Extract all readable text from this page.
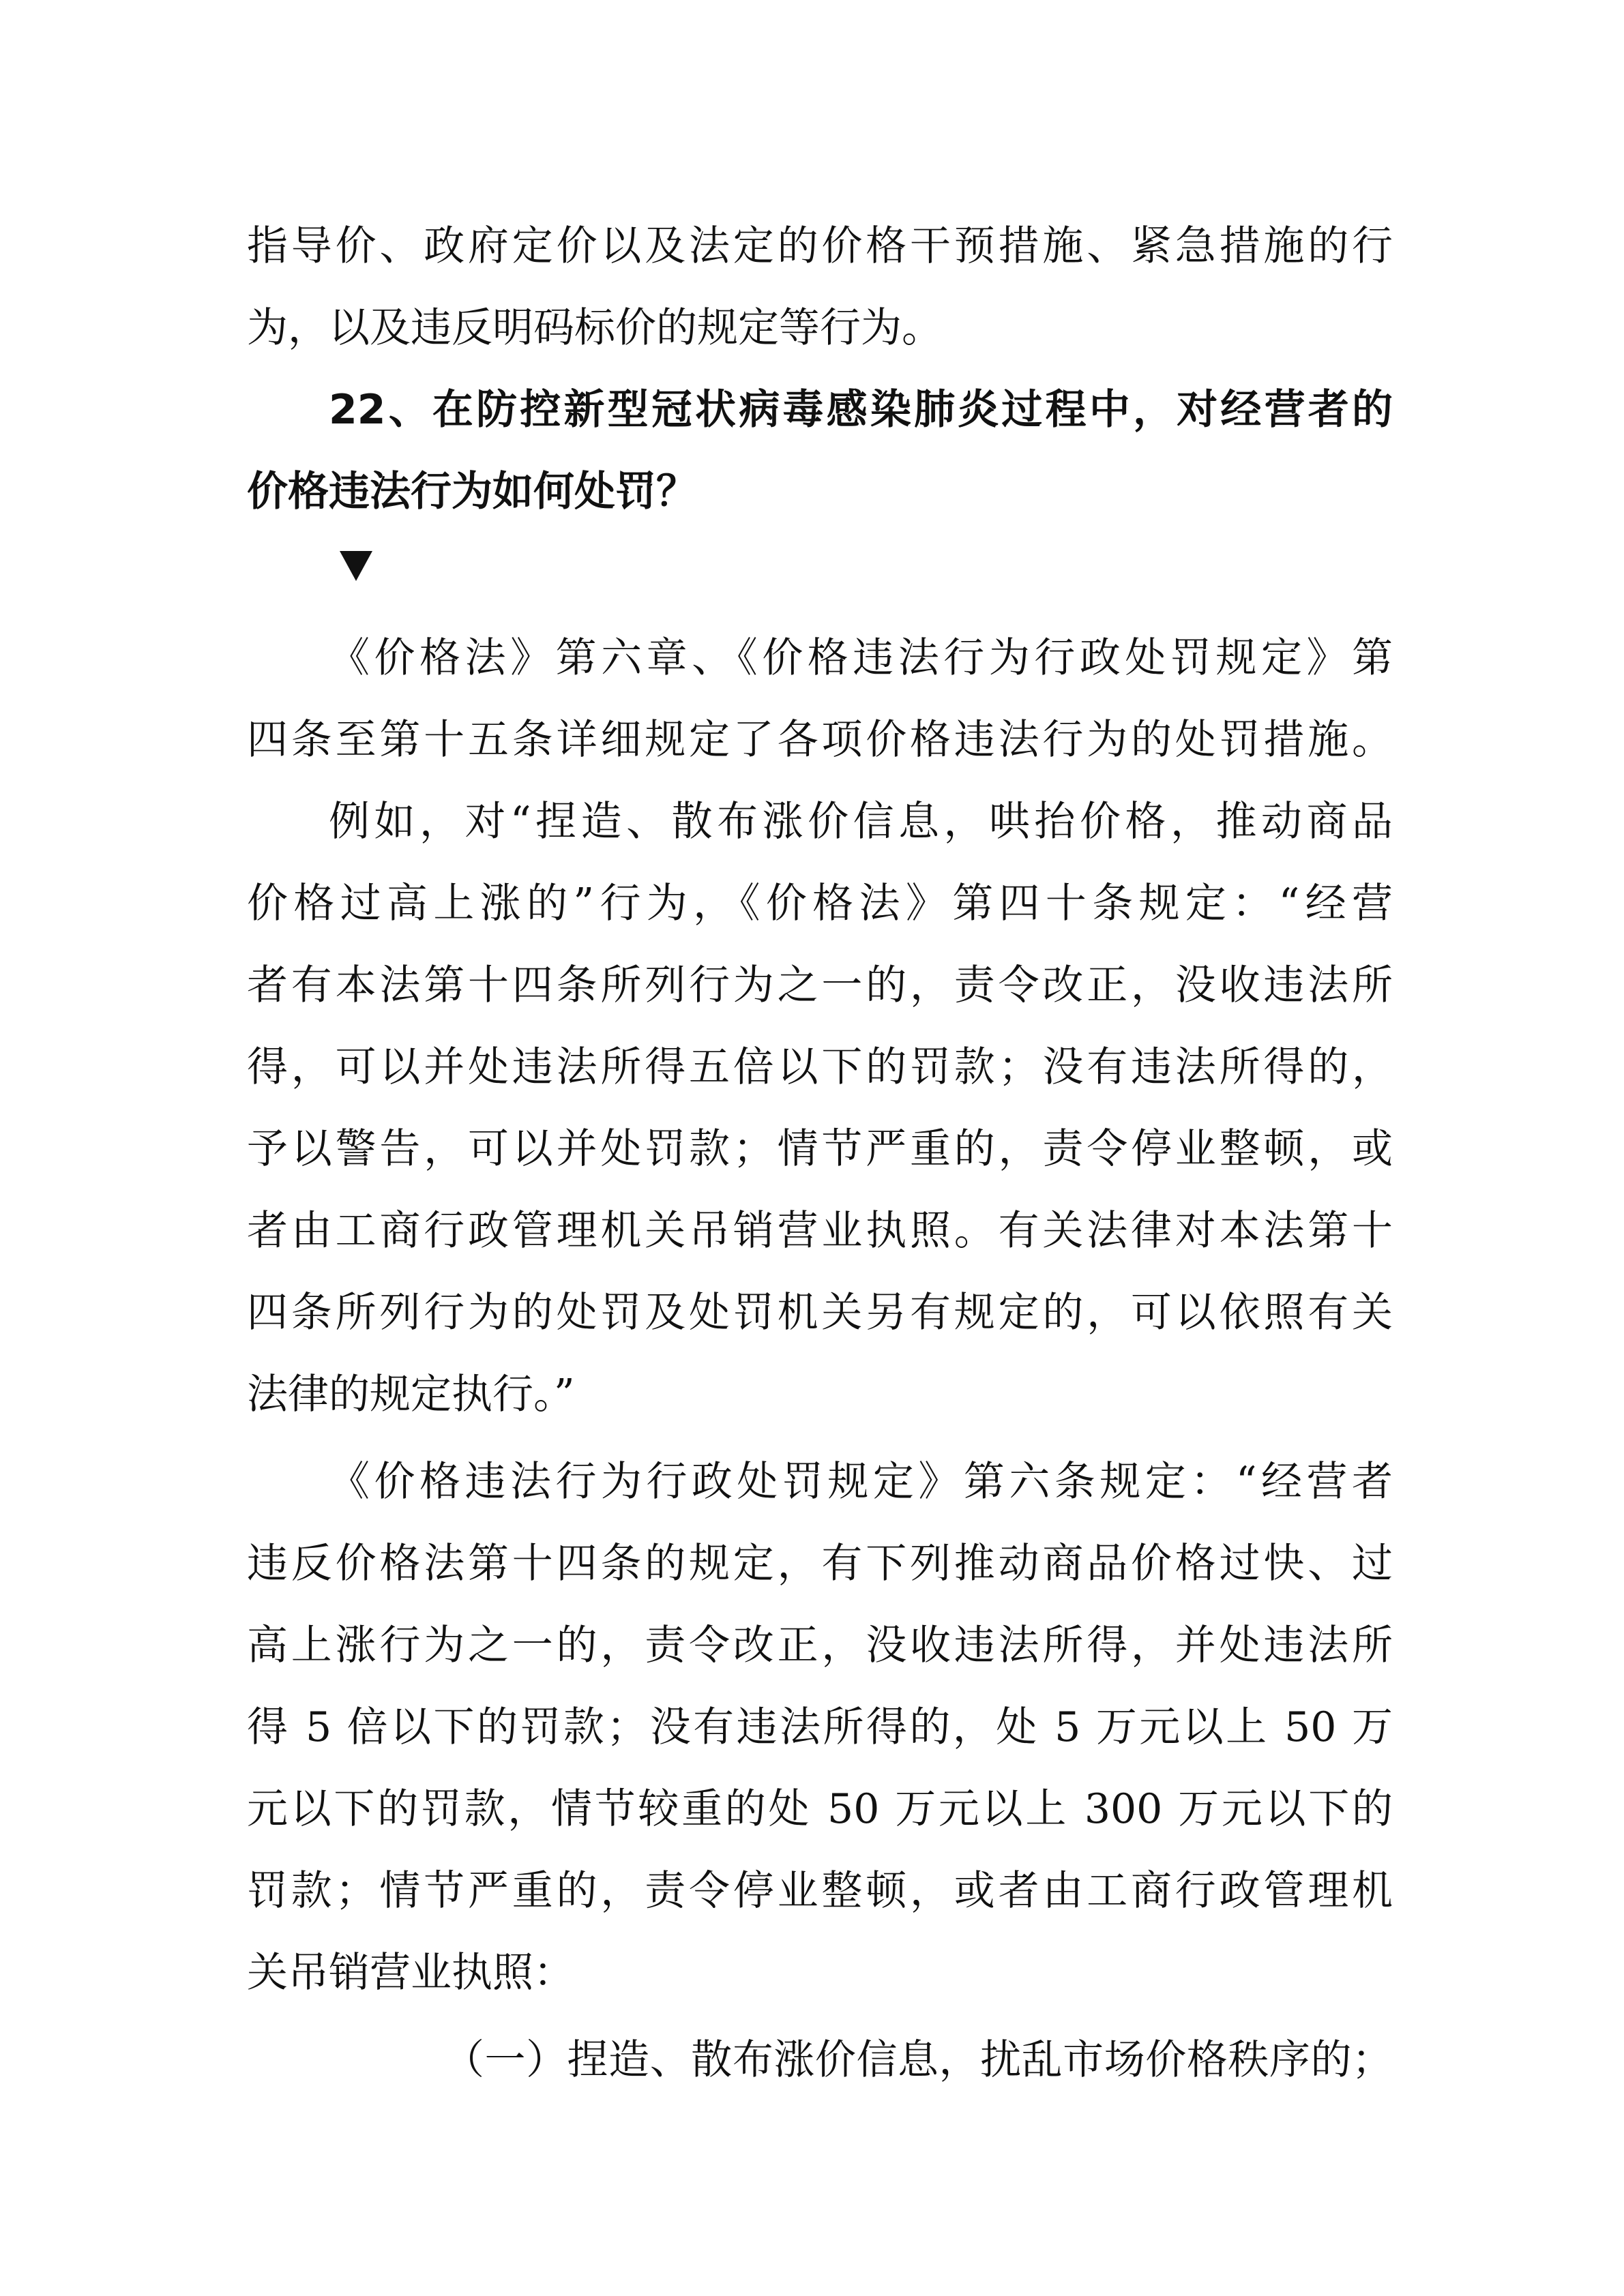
指导价、政府定价以及法定的价格干预措施、紧急措施的行
为，以及违反明码标价的规定等行为。
22、在防控新型冠状病毒感染肺炎过程中，对经营者的
价格违法行为如何处罚？
《价格法》第六章、《价格违法行为行政处罚规定》第
四条至第十五条详细规定了各项价格违法行为的处罚措施。
例如，对“捏造、散布涨价信息，哄抬价格，推动商品
价格过高上涨的”行为，《价格法》第四十条规定：“经营
者有本法第十四条所列行为之一的，责令改正，没收违法所
得，可以并处违法所得五倍以下的罚款；没有违法所得的，
予以警告，可以并处罚款；情节严重的，责令停业整顿，或
者由工商行政管理机关吊销营业执照。有关法律对本法第十
四条所列行为的处罚及处罚机关另有规定的，可以依照有关
法律的规定执行。”
《价格违法行为行政处罚规定》第六条规定：“经营者
违反价格法第十四条的规定，有下列推动商品价格过快、过
高上涨行为之一的，责令改正，没收违法所得，并处违法所
得 5 倍以下的罚款；没有违法所得的，处 5 万元以上 50 万
元以下的罚款，情节较重的处 50 万元以上 300 万元以下的
罚款；情节严重的，责令停业整顿，或者由工商行政管理机
关吊销营业执照：
（一）捏造、散布涨价信息，扰乱市场价格秩序的；
